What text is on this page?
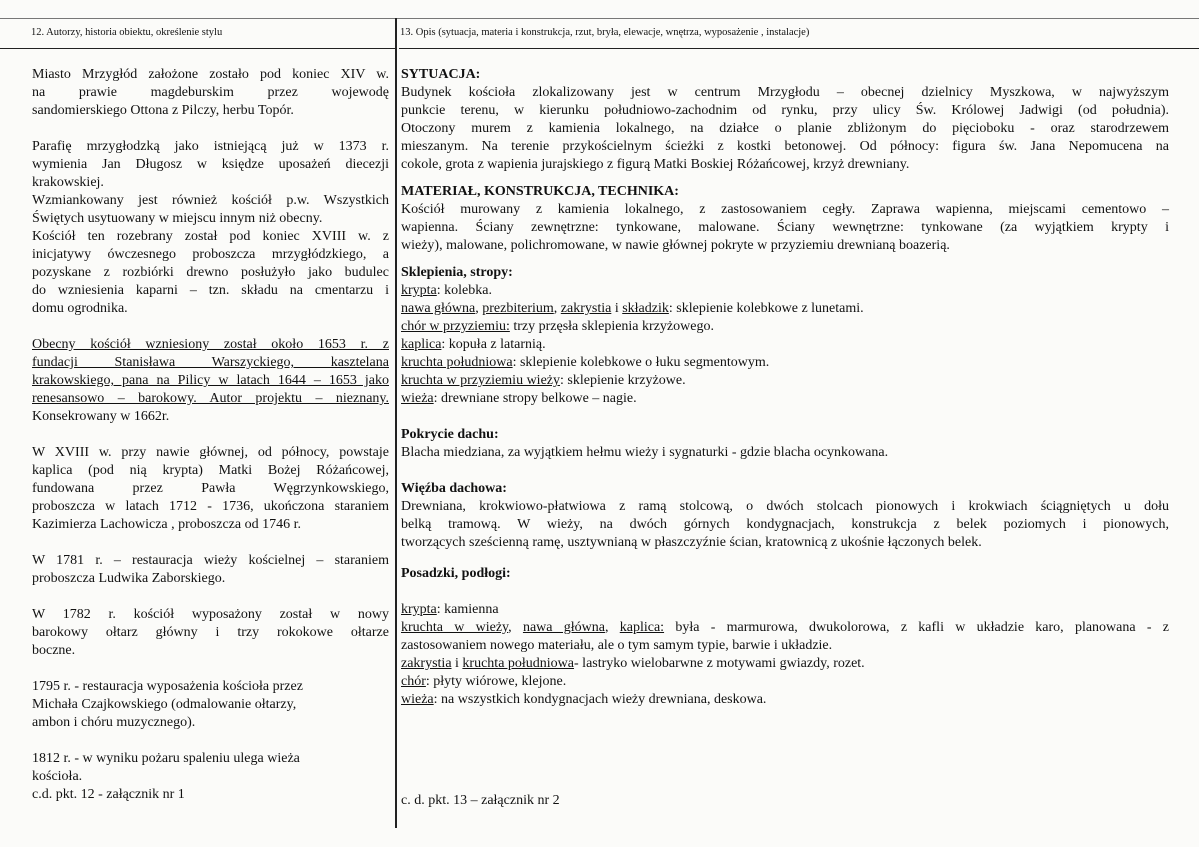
12. Autorzy, historia obiektu, określenie stylu	13. Opis (sytuacja, materia i konstrukcja, rzut, bryła, elewacje, wnętrza, wyposażenie , instalacje)

Miasto Mrzygłód założone zostało pod koniec XIV w.

na prawie magdeburskim przez wojewodę

sandomierskiego Ottona z Pilczy, herbu Topór.

Parafię mrzygłodzką jako istniejącą już w 1373 r.

wymienia Jan Długosz w księdze uposażeń diecezji

krakowskiej.

Wzmiankowany jest również kościół p.w. Wszystkich

Świętych usytuowany w miejscu innym niż obecny.

Kościół ten rozebrany został pod koniec XVIII w. z

inicjatywy ówczesnego proboszcza mrzygłódzkiego, a

pozyskane z rozbiórki drewno posłużyło jako budulec

do wzniesienia kaparni – tzn. składu na cmentarzu i

domu ogrodnika.

Obecny kościół wzniesiony został około 1653 r. z

fundacji Stanisława Warszyckiego, kasztelana

krakowskiego, pana na Pilicy w latach 1644 – 1653 jako

renesansowo – barokowy. Autor projektu – nieznany.

Konsekrowany w 1662r.

W XVIII w. przy nawie głównej, od północy, powstaje

kaplica (pod nią krypta) Matki Bożej Różańcowej,

fundowana przez Pawła Węgrzynkowskiego,

proboszcza w latach 1712 - 1736, ukończona staraniem

Kazimierza Lachowicza , proboszcza od 1746 r.

W 1781 r. – restauracja wieży kościelnej – staraniem

proboszcza Ludwika Zaborskiego.

W 1782 r. kościół wyposażony został w nowy

barokowy ołtarz główny i trzy rokokowe ołtarze

boczne.

1795 r. - restauracja wyposażenia kościoła przez

Michała Czajkowskiego (odmalowanie ołtarzy,

ambon i chóru muzycznego).

1812 r. - w wyniku pożaru spaleniu ulega wieża

kościoła.

c.d. pkt. 12 - załącznik nr 1

SYTUACJA:

Budynek kościoła zlokalizowany jest w centrum Mrzygłodu – obecnej dzielnicy Myszkowa, w najwyższym

punkcie terenu, w kierunku południowo-zachodnim od rynku, przy ulicy Św. Królowej Jadwigi (od południa).

Otoczony murem z kamienia lokalnego, na działce o planie zbliżonym do pięcioboku - oraz starodrzewem

mieszanym. Na terenie przykościelnym ścieżki z kostki betonowej. Od północy: figura św. Jana Nepomucena na

cokole, grota z wapienia jurajskiego z figurą Matki Boskiej Różańcowej, krzyż drewniany.

MATERIAŁ, KONSTRUKCJA, TECHNIKA:

Kościół murowany z kamienia lokalnego, z zastosowaniem cegły. Zaprawa wapienna, miejscami cementowo –

wapienna. Ściany zewnętrzne: tynkowane, malowane. Ściany wewnętrzne: tynkowane (za wyjątkiem krypty i

wieży), malowane, polichromowane, w nawie głównej pokryte w przyziemiu drewnianą boazerią.

Sklepienia, stropy:

krypta: kolebka.

nawa główna, prezbiterium, zakrystia i składzik: sklepienie kolebkowe z lunetami.

chór w przyziemiu: trzy przęsła sklepienia krzyżowego.

kaplica: kopuła z latarnią.

kruchta południowa: sklepienie kolebkowe o łuku segmentowym.

kruchta w przyziemiu wieży: sklepienie krzyżowe.

wieża: drewniane stropy belkowe – nagie.

Pokrycie dachu:

Blacha miedziana, za wyjątkiem hełmu wieży i sygnaturki - gdzie blacha ocynkowana.

Więźba dachowa:

Drewniana, krokwiowo-płatwiowa z ramą stolcową, o dwóch stolcach pionowych i krokwiach ściągniętych u dołu

belką tramową. W wieży, na dwóch górnych kondygnacjach, konstrukcja z belek poziomych i pionowych,

tworzących sześcienną ramę, usztywnianą w płaszczyźnie ścian, kratownicą z ukośnie łączonych belek.

Posadzki, podłogi:

krypta: kamienna

kruchta w wieży, nawa główna, kaplica: była - marmurowa, dwukolorowa, z kafli w układzie karo, planowana - z

zastosowaniem nowego materiału, ale o tym samym typie, barwie i układzie.

zakrystia i kruchta południowa- lastryko wielobarwne z motywami gwiazdy, rozet.

chór: płyty wiórowe, klejone.

wieża: na wszystkich kondygnacjach wieży drewniana, deskowa.

c. d. pkt. 13 – załącznik nr 2
